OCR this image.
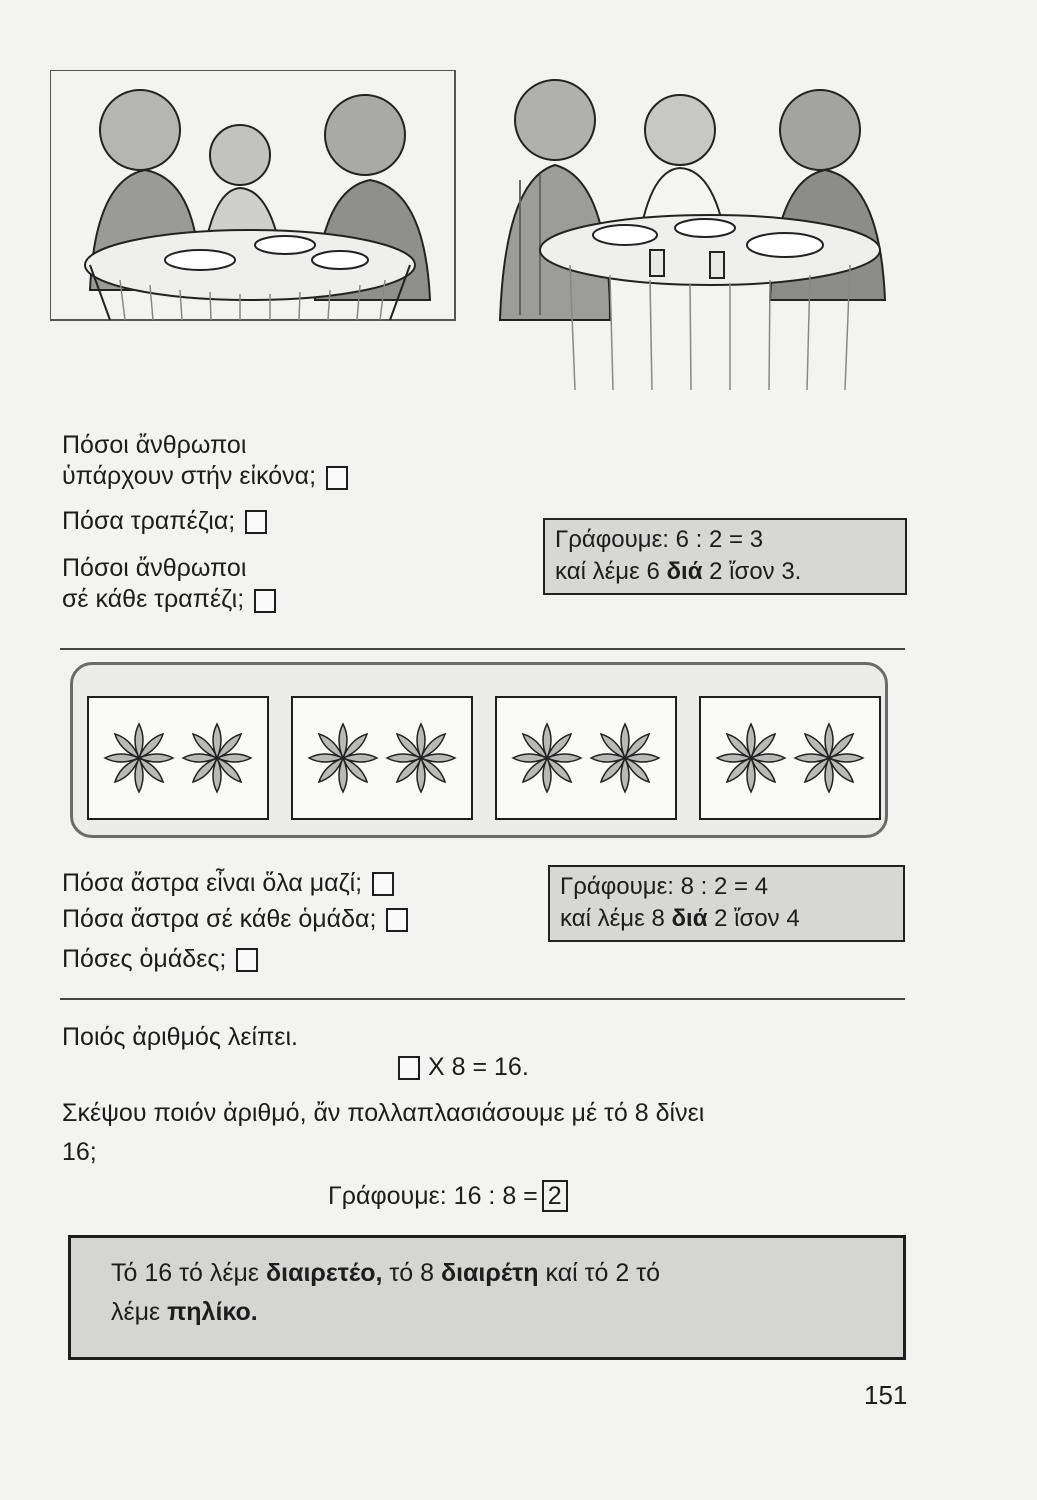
Πόσοι ἄνθρωποι
ὑπάρχουν στήν εἰκόνα;
Πόσα τραπέζια;
Πόσοι ἄνθρωποι
σέ κάθε τραπέζι;
Γράφουμε: 6 : 2 = 3
καί λέμε 6 διά 2 ἴσον 3.
Πόσα ἄστρα εἶναι ὅλα μαζί;
Πόσα ἄστρα σέ κάθε ὁμάδα;
Πόσες ὁμάδες;
Γράφουμε: 8 : 2 = 4
καί λέμε 8 διά 2 ἴσον 4
Ποιός ἀριθμός λείπει.
X 8 = 16.
Σκέψου ποιόν ἀριθμό, ἄν πολλαπλασιάσουμε μέ τό 8 δίνει
16;
Γράφουμε: 16 : 8 = 2
Τό 16 τό λέμε διαιρετέο, τό 8 διαιρέτη καί τό 2 τό
λέμε πηλίκο.
151
